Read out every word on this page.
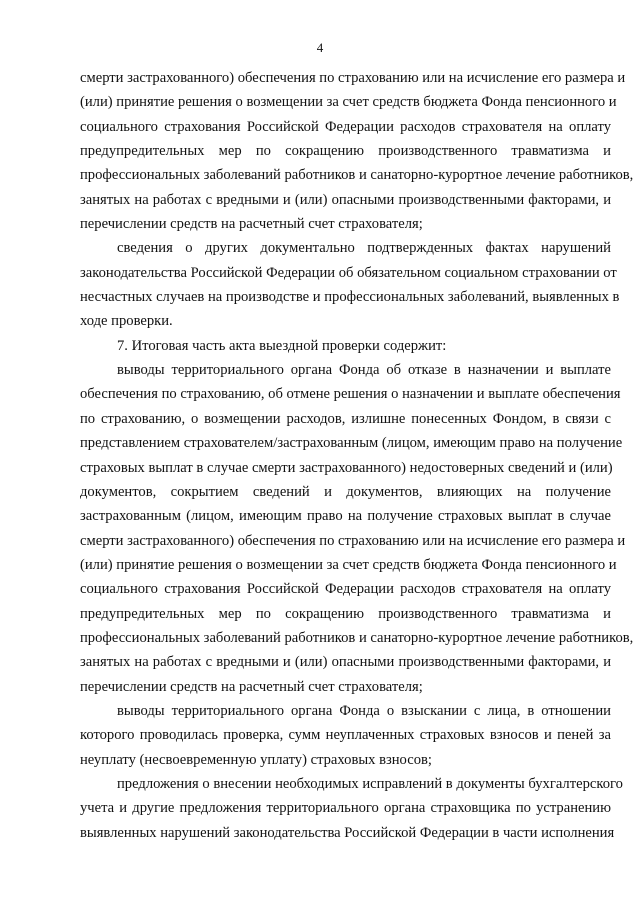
4
смерти застрахованного) обеспечения по страхованию или на исчисление его размера и
(или) принятие решения о возмещении за счет средств бюджета Фонда пенсионного и
социального страхования Российской Федерации расходов страхователя на оплату
предупредительных мер по сокращению производственного травматизма и
профессиональных заболеваний работников и санаторно-курортное лечение работников,
занятых на работах с вредными и (или) опасными производственными факторами, и
перечислении средств на расчетный счет страхователя;
сведения о других документально подтвержденных фактах нарушений
законодательства Российской Федерации об обязательном социальном страховании от
несчастных случаев на производстве и профессиональных заболеваний, выявленных в
ходе проверки.
7. Итоговая часть акта выездной проверки содержит:
выводы территориального органа Фонда об отказе в назначении и выплате
обеспечения по страхованию, об отмене решения о назначении и выплате обеспечения
по страхованию, о возмещении расходов, излишне понесенных Фондом, в связи с
представлением страхователем/застрахованным (лицом, имеющим право на получение
страховых выплат в случае смерти застрахованного) недостоверных сведений и (или)
документов, сокрытием сведений и документов, влияющих на получение
застрахованным (лицом, имеющим право на получение страховых выплат в случае
смерти застрахованного) обеспечения по страхованию или на исчисление его размера и
(или) принятие решения о возмещении за счет средств бюджета Фонда пенсионного и
социального страхования Российской Федерации расходов страхователя на оплату
предупредительных мер по сокращению производственного травматизма и
профессиональных заболеваний работников и санаторно-курортное лечение работников,
занятых на работах с вредными и (или) опасными производственными факторами, и
перечислении средств на расчетный счет страхователя;
выводы территориального органа Фонда о взыскании с лица, в отношении
которого проводилась проверка, сумм неуплаченных страховых взносов и пеней за
неуплату (несвоевременную уплату) страховых взносов;
предложения о внесении необходимых исправлений в документы бухгалтерского
учета и другие предложения территориального органа страховщика по устранению
выявленных нарушений законодательства Российской Федерации в части исполнения
